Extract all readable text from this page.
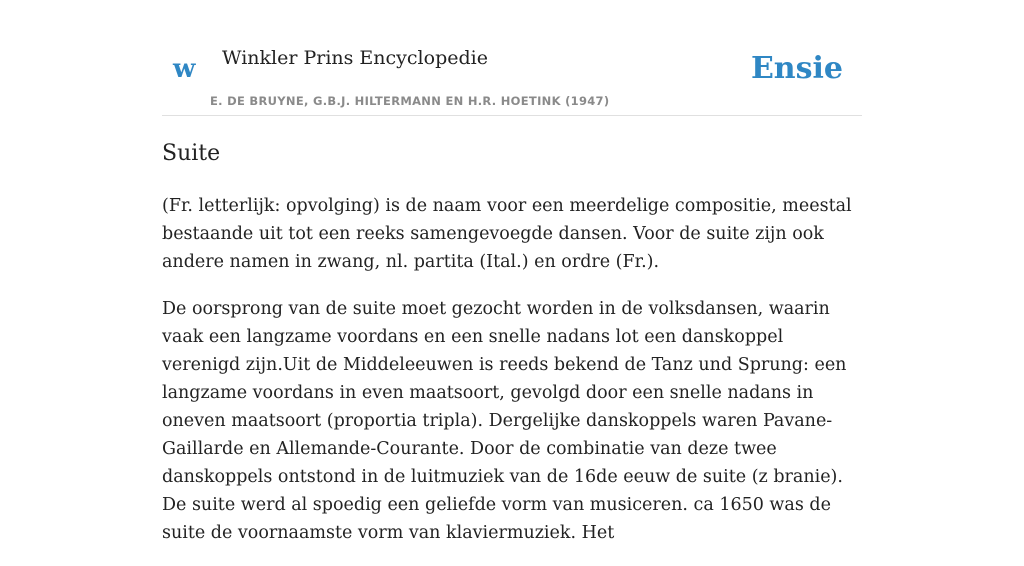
w Winkler Prins Encyclopedie
E. DE BRUYNE, G.B.J. HILTERMANN EN H.R. HOETINK (1947)
Ensie
Suite

(Fr. letterlijk: opvolging) is de naam voor een meerdelige compositie, meestal bestaande uit tot een reeks samengevoegde dansen. Voor de suite zijn ook andere namen in zwang, nl. partita (Ital.) en ordre (Fr.).

De oorsprong van de suite moet gezocht worden in de volksdansen, waarin vaak een langzame voordans en een snelle nadans lot een danskoppel verenigd zijn.Uit de Middeleeuwen is reeds bekend de Tanz und Sprung: een langzame voordans in even maatsoort, gevolgd door een snelle nadans in oneven maatsoort (proportia tripla). Dergelijke danskoppels waren Pavane-Gaillarde en Allemande-Courante. Door de combinatie van deze twee danskoppels ontstond in de luitmuziek van de 16de eeuw de suite (z branie). De suite werd al spoedig een geliefde vorm van musiceren. ca 1650 was de suite de voornaamste vorm van klaviermuziek. Het
